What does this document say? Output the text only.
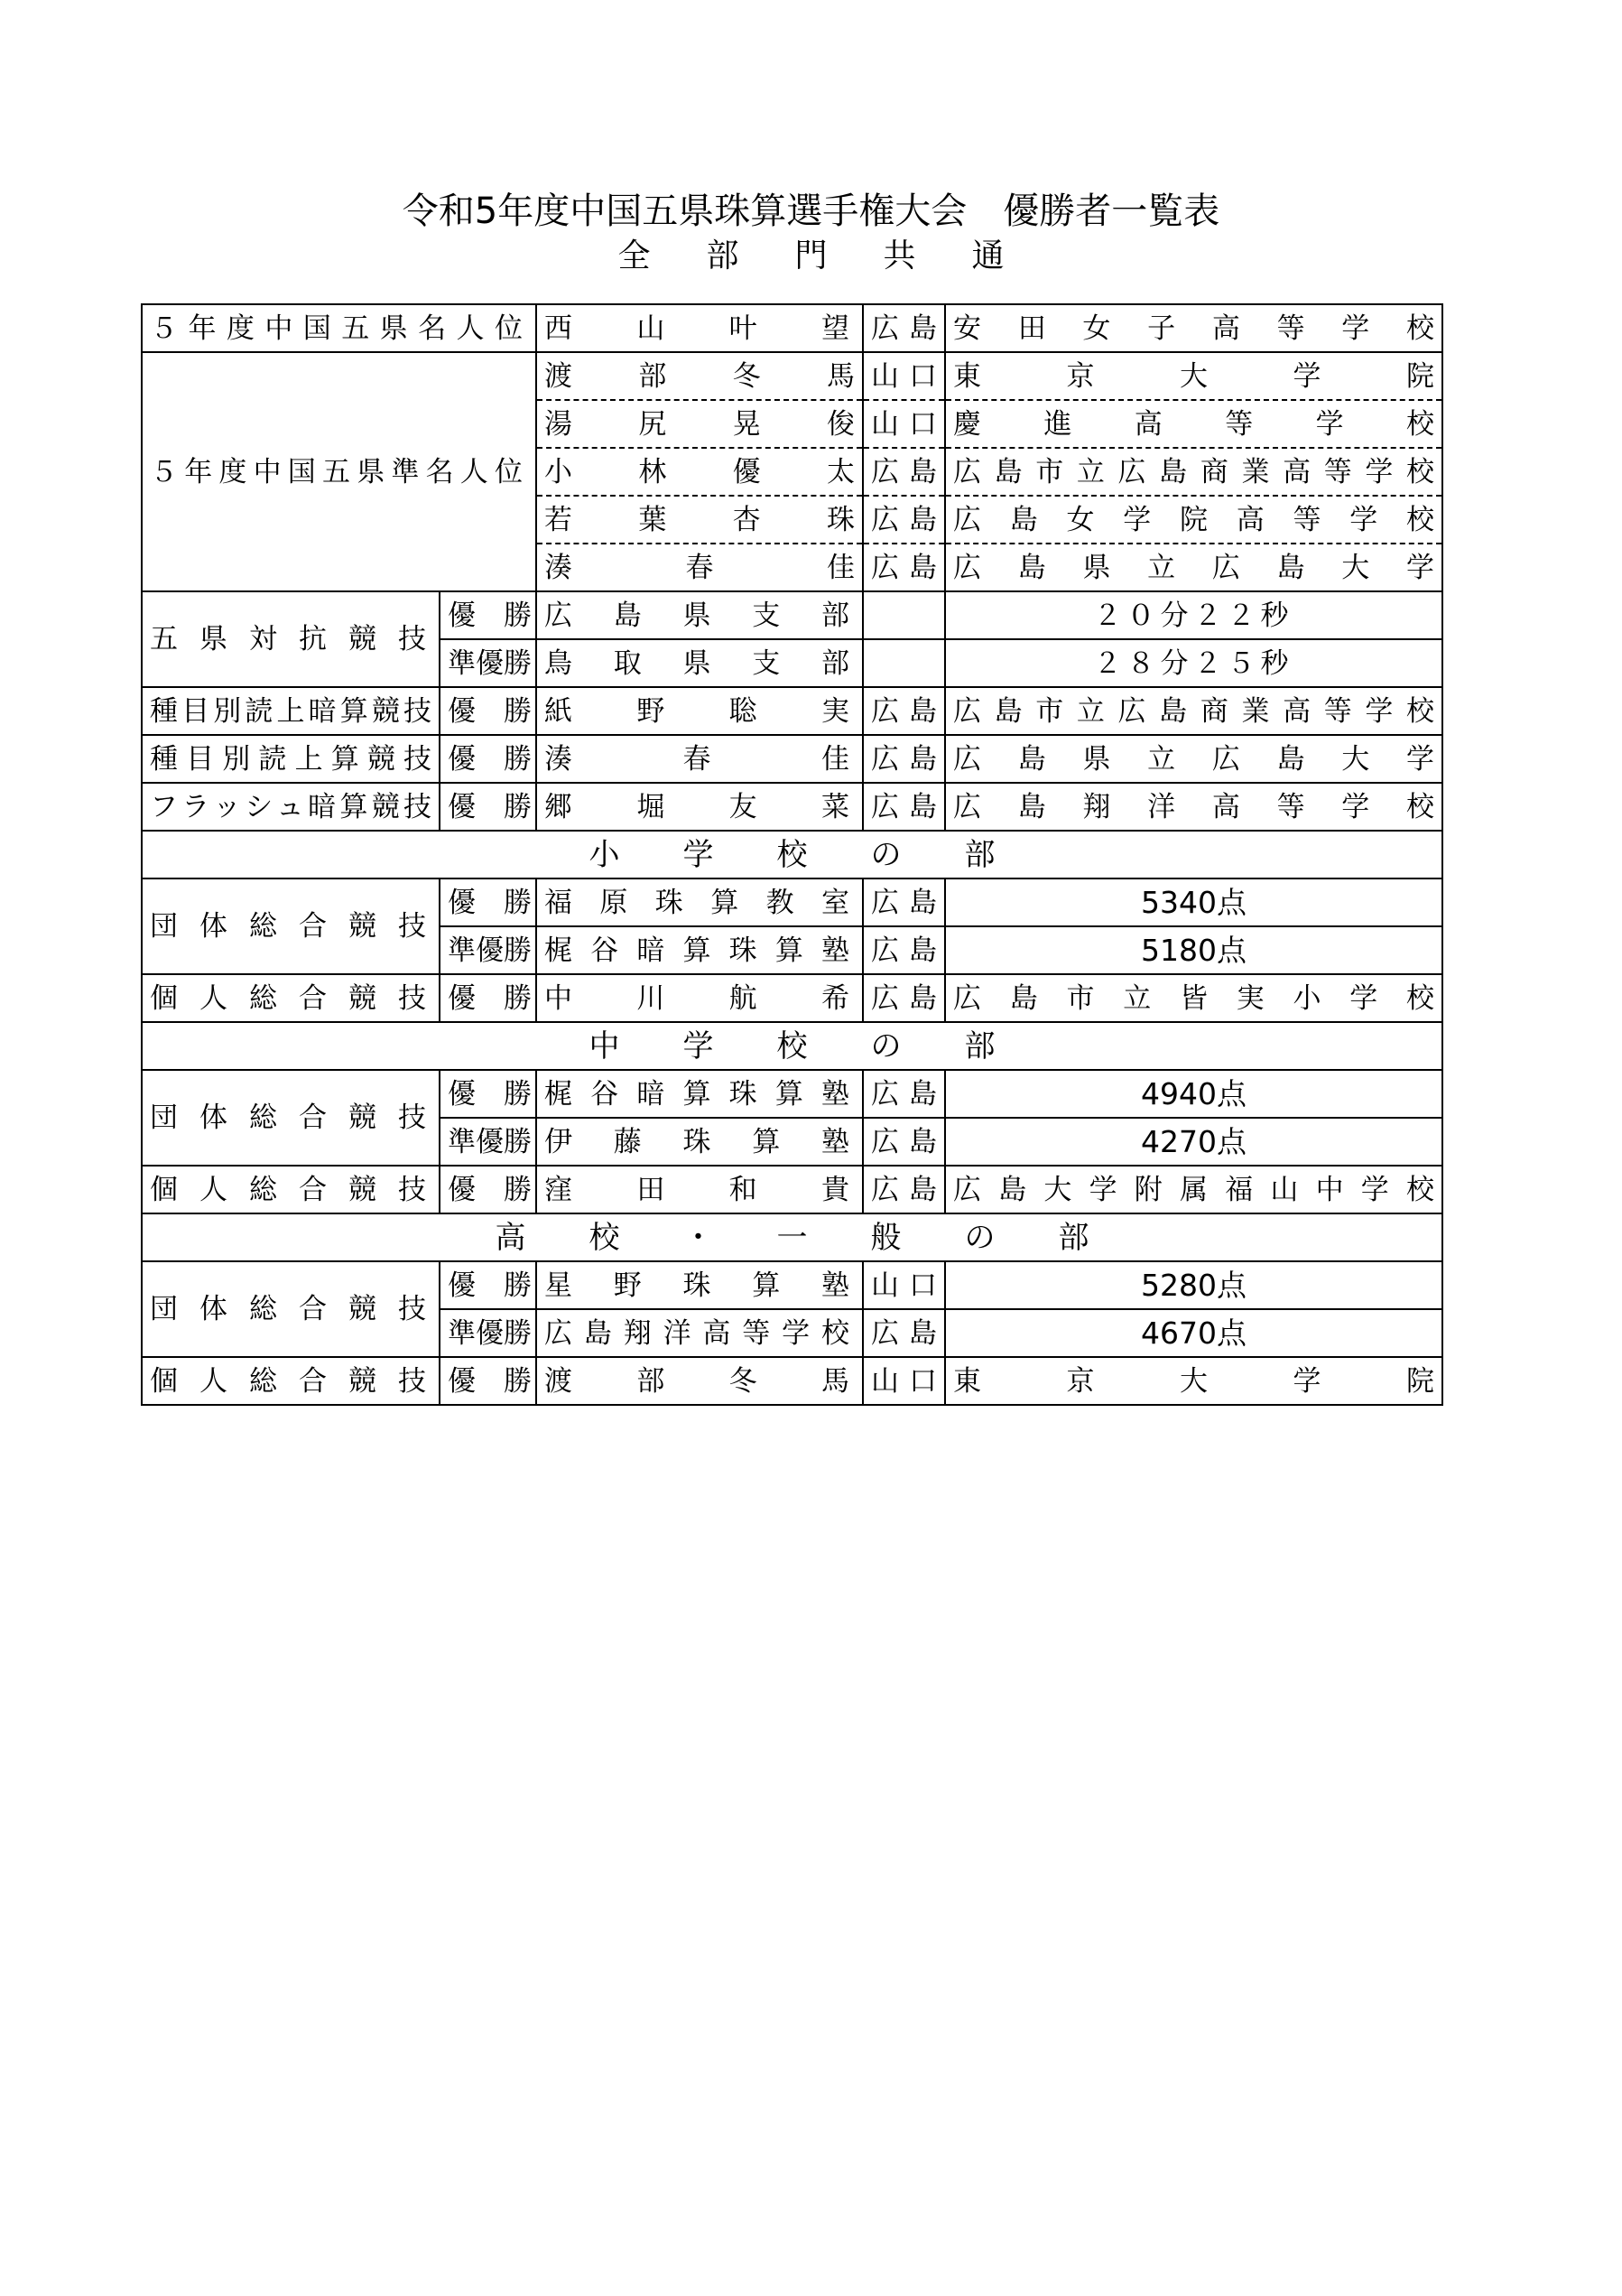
令和5年度中国五県珠算選手権大会　優勝者一覧表
全部門共通
５年度中国五県名人位		西　山　叶　望	広島	安田女子高等学校
５年度中国五県準名人位		渡　部　冬　馬	山口	東　京　大　学　院
		湯　尻　晃　俊	山口	慶　進　高　等　学　校
		小　林　優　太	広島	広島市立広島商業高等学校
		若　葉　杏　珠	広島	広島女学院高等学校
		湊　　春　　佳	広島	広島県立広島大学
五県対抗競技	優　勝	広　島　県　支　部		２０分２２秒
	準優勝	鳥　取　県　支　部		２８分２５秒
種目別読上暗算競技	優　勝	紙　野　聡　実	広島	広島市立広島商業高等学校
種目別読上算競技	優　勝	湊　　春　　佳	広島	広島県立広島大学
フラッシュ暗算競技	優　勝	郷　堀　友　菜	広島	広島翔洋高等学校
小学校の部				
団体総合競技	優　勝	福原珠算教室	広島	5340点
	準優勝	梶谷暗算珠算塾	広島	5180点
個人総合競技	優　勝	中　川　航　希	広島	広島市立皆実小学校
中学校の部				
団体総合競技	優　勝	梶谷暗算珠算塾	広島	4940点
	準優勝	伊　藤　珠　算　塾	広島	4270点
個人総合競技	優　勝	窪　田　和　貴	広島	広島大学附属福山中学校
高校・一般の部				
団体総合競技	優　勝	星　野　珠　算　塾	山口	5280点
	準優勝	広島翔洋高等学校	広島	4670点
個人総合競技	優　勝	渡　部　冬　馬	山口	東　京　大　学　院
